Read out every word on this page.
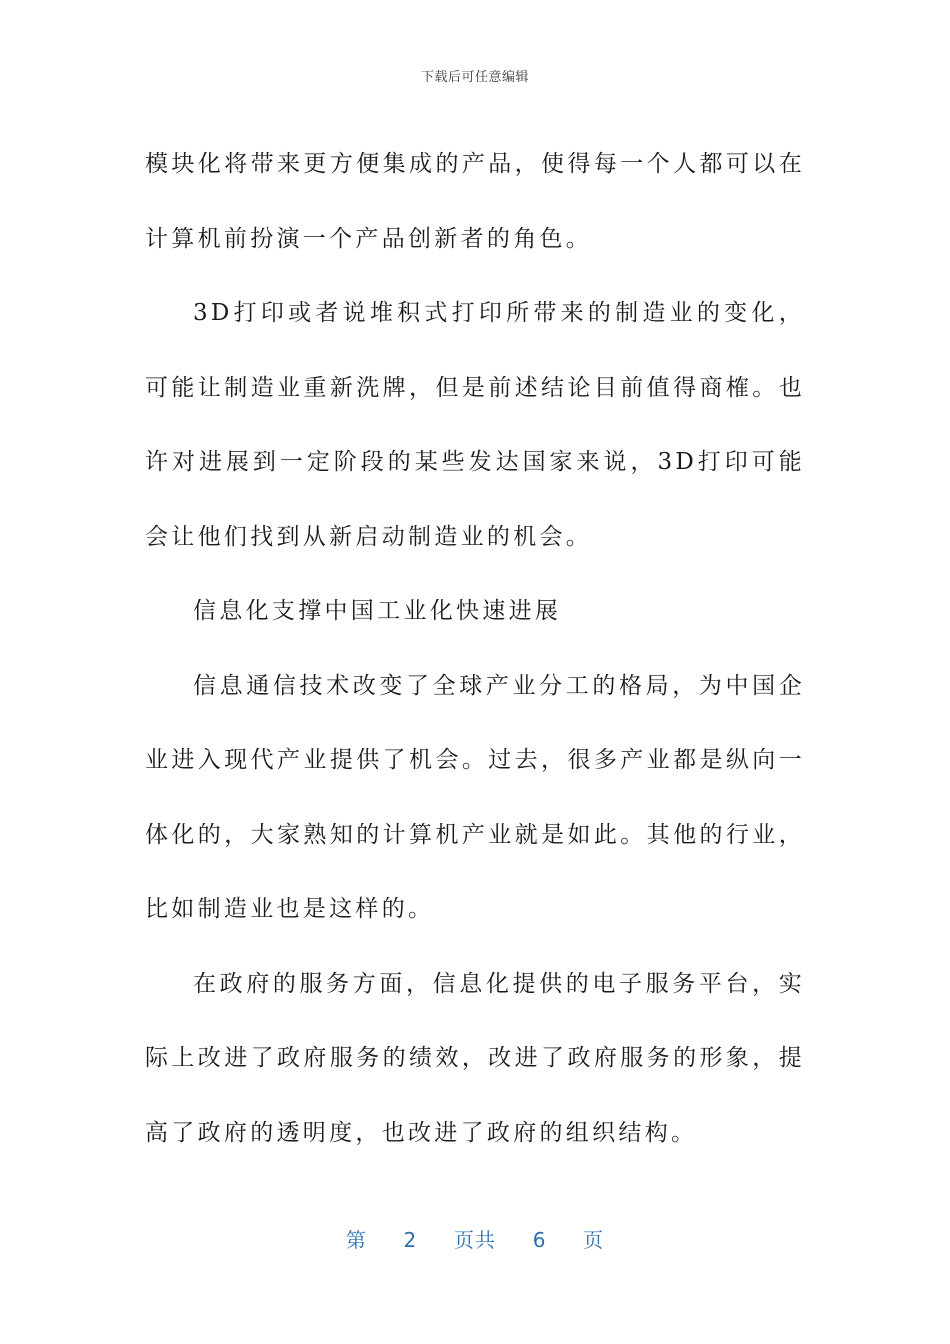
下载后可任意编辑

模块化将带来更方便集成的产品，使得每一个人都可以在计算机前扮演一个产品创新者的角色。

3D打印或者说堆积式打印所带来的制造业的变化，可能让制造业重新洗牌，但是前述结论目前值得商榷。也许对进展到一定阶段的某些发达国家来说，3D打印可能会让他们找到从新启动制造业的机会。

信息化支撑中国工业化快速进展

信息通信技术改变了全球产业分工的格局，为中国企业进入现代产业提供了机会。过去，很多产业都是纵向一体化的，大家熟知的计算机产业就是如此。其他的行业，比如制造业也是这样的。

在政府的服务方面，信息化提供的电子服务平台，实际上改进了政府服务的绩效，改进了政府服务的形象，提高了政府的透明度，也改进了政府的组织结构。

第 2 页共 6 页
